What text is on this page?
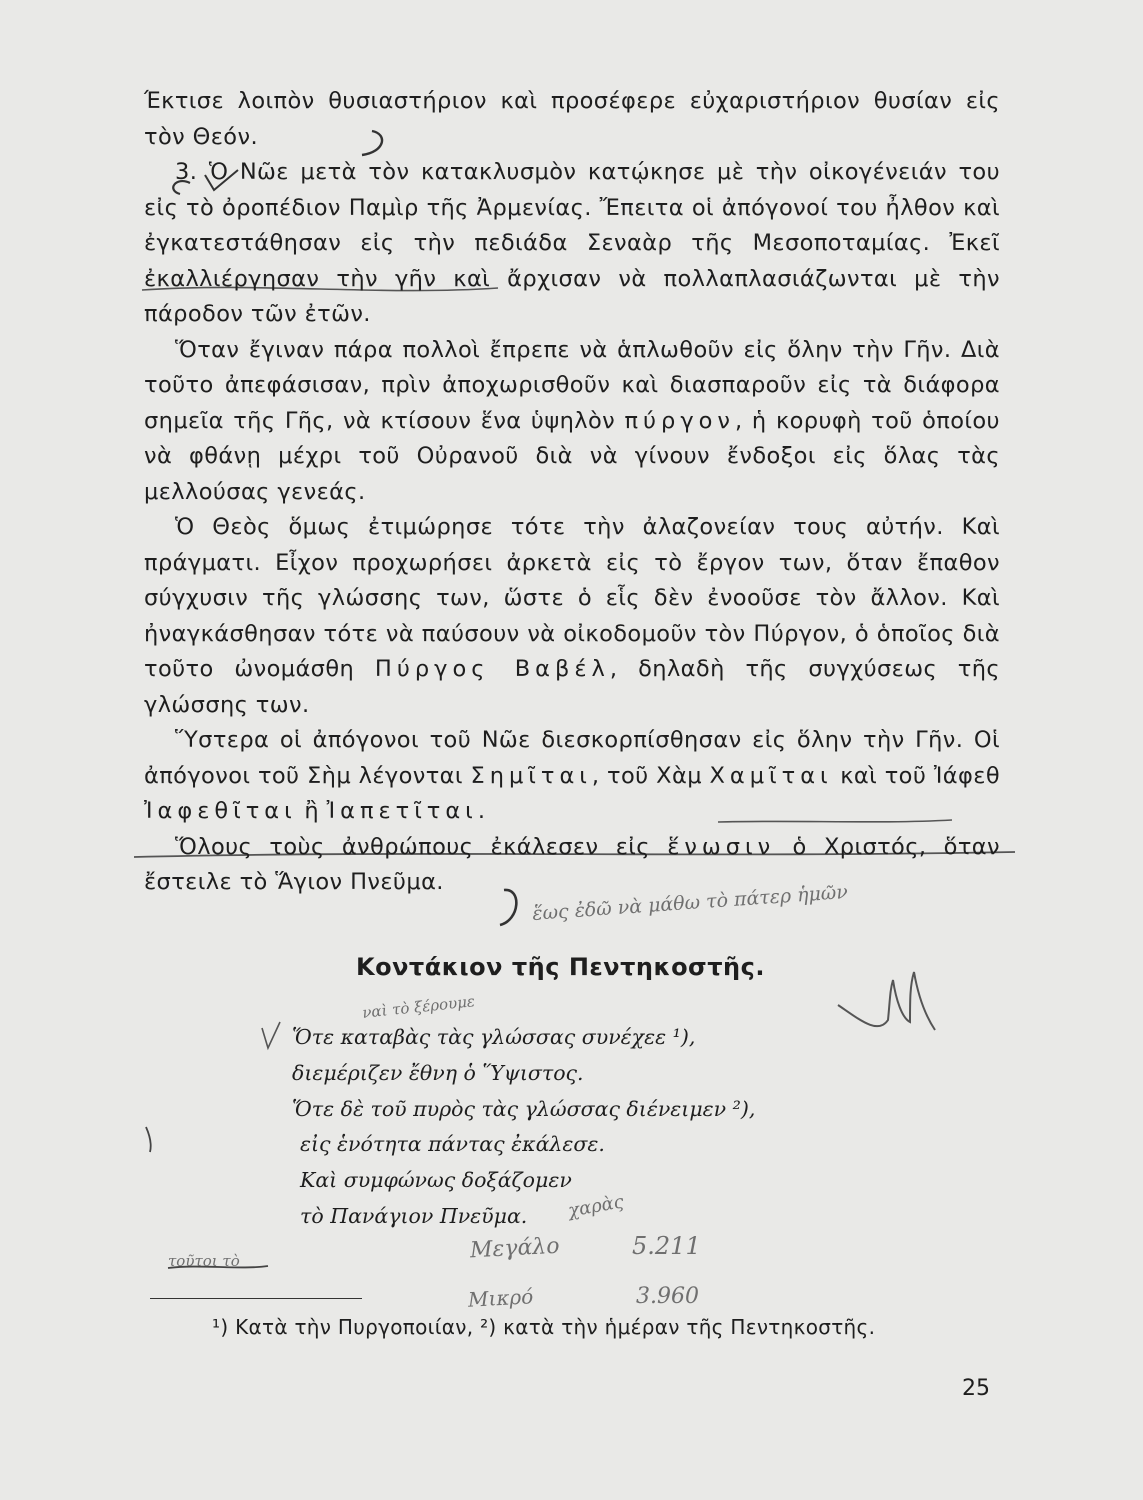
Έκτισε λοιπὸν θυσιαστήριον καὶ προσέφερε εὐχαριστήριον θυσίαν εἰς τὸν Θεόν.

3. Ὁ Νῶε μετὰ τὸν κατακλυσμὸν κατῴκησε μὲ τὴν οἰκογένειάν του εἰς τὸ ὀροπέδιον Παμὶρ τῆς Ἀρμενίας. Ἔπειτα οἱ ἀπόγονοί του ἦλθον καὶ ἐγκατεστάθησαν εἰς τὴν πεδιάδα Σεναὰρ τῆς Μεσοποταμίας. Ἐκεῖ ἐκαλλιέργησαν τὴν γῆν καὶ ἄρχισαν νὰ πολλαπλασιάζωνται μὲ τὴν πάροδον τῶν ἐτῶν.

Ὅταν ἔγιναν πάρα πολλοὶ ἔπρεπε νὰ ἁπλωθοῦν εἰς ὅλην τὴν Γῆν. Διὰ τοῦτο ἀπεφάσισαν, πρὶν ἀποχωρισθοῦν καὶ διασπαροῦν εἰς τὰ διάφορα σημεῖα τῆς Γῆς, νὰ κτίσουν ἕνα ὑψηλὸν πύργον, ἡ κορυφὴ τοῦ ὁποίου νὰ φθάνῃ μέχρι τοῦ Οὐρανοῦ διὰ νὰ γίνουν ἔνδοξοι εἰς ὅλας τὰς μελλούσας γενεάς.

Ὁ Θεὸς ὅμως ἐτιμώρησε τότε τὴν ἀλαζονείαν τους αὐτήν. Καὶ πράγματι. Εἶχον προχωρήσει ἀρκετὰ εἰς τὸ ἔργον των, ὅταν ἔπαθον σύγχυσιν τῆς γλώσσης των, ὥστε ὁ εἷς δὲν ἐνοοῦσε τὸν ἄλλον. Καὶ ἠναγκάσθησαν τότε νὰ παύσουν νὰ οἰκοδομοῦν τὸν Πύργον, ὁ ὁποῖος διὰ τοῦτο ὠνομάσθη Πύργος Βαβέλ, δηλαδὴ τῆς συγχύσεως τῆς γλώσσης των.

Ὕστερα οἱ ἀπόγονοι τοῦ Νῶε διεσκορπίσθησαν εἰς ὅλην τὴν Γῆν. Οἱ ἀπόγονοι τοῦ Σὴμ λέγονται Σημῖται, τοῦ Χὰμ Χαμῖται καὶ τοῦ Ἰάφεθ Ἰαφεθῖται ἢ Ἰαπετῖται.

Ὅλους τοὺς ἀνθρώπους ἐκάλεσεν εἰς ἕνωσιν ὁ Χριστός, ὅταν ἔστειλε τὸ Ἅγιον Πνεῦμα.

Κοντάκιον τῆς Πεντηκοστῆς.
Ὅτε καταβὰς τὰς γλώσσας συνέχεε ¹),
διεμέριζεν ἔθνη ὁ Ὕψιστος.
Ὅτε δὲ τοῦ πυρὸς τὰς γλώσσας διένειμεν ²),
εἰς ἑνότητα πάντας ἐκάλεσε.
Καὶ συμφώνως δοξάζομεν
τὸ Πανάγιον Πνεῦμα.

¹) Κατὰ τὴν Πυργοποιίαν, ²) κατὰ τὴν ἡμέραν τῆς Πεντηκοστῆς.

25

ἕως ἐδῶ νὰ μάθω τὸ πάτερ ἡμῶν

ναὶ τὸ ξέρουμε

χαρὰς

Μεγάλο	5.211

Μικρό	3.960

τοῦτοι τὸ
